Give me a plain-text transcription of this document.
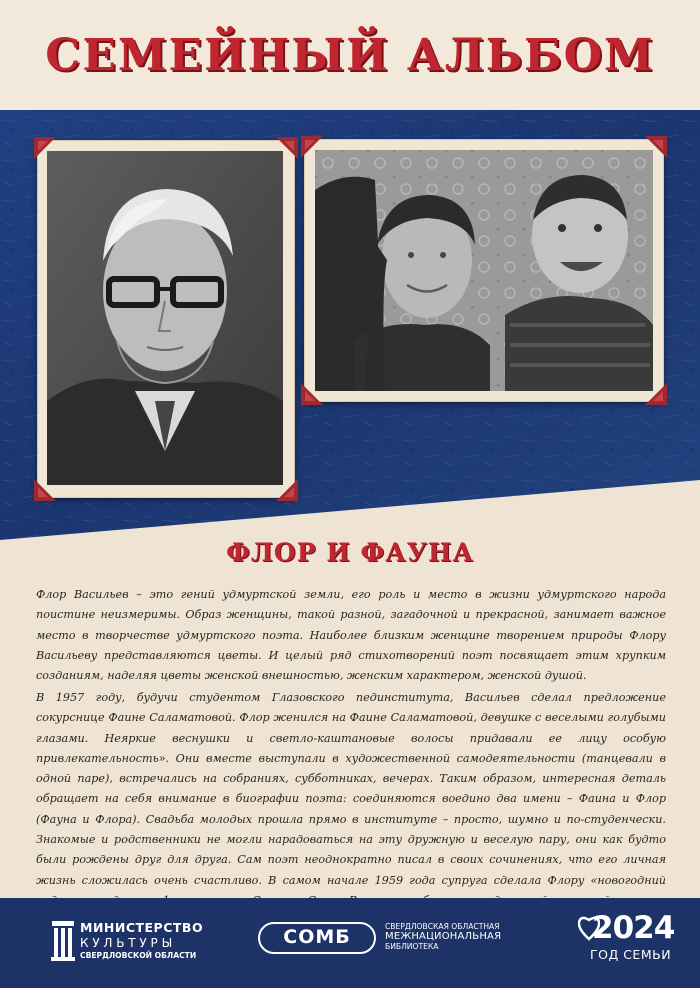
СЕМЕЙНЫЙ АЛЬБОМ
ФЛОР И ФАУНА

Флор Васильев – это гений удмуртской земли, его роль и место в жизни удмуртского народа поистине неизмеримы. Образ женщины, такой разной, загадочной и прекрасной, занимает важное место в творчестве удмуртского поэта. Наиболее близким женщине творением природы Флору Васильеву представляются цветы. И целый ряд стихотворений поэт посвящает этим хрупким созданиям, наделяя цветы женской внешностью, женским характером, женской душой.

В 1957 году, будучи студентом Глазовского пединститута, Васильев сделал предложение сокурснице Фаине Саламатовой. Флор женился на Фаине Саламатовой, девушке с веселыми голубыми глазами. Неяркие веснушки и светло-каштановые волосы придавали ее лицу особую привлекательность». Они вместе выступали в художественной самодеятельности (танцевали в одной паре), встречались на собраниях, субботниках, вечерах. Таким образом, интересная деталь обращает на себя внимание в биографии поэта: соединяются воедино два имени – Фаина и Флор (Фауна и Флора). Свадьба молодых прошла прямо в институте – просто, шумно и по-студенчески. Знакомые и родственники не могли нарадоваться на эту дружную и веселую пару, они как будто были рождены друг для друга. Сам поэт неоднократно писал в своих сочинениях, что его личная жизнь сложилась очень счастливо. В самом начале 1959 года супруга сделала Флору «новогодний

МИНИСТЕРСТВО
КУЛЬТУРЫ
СВЕРДЛОВСКОЙ ОБЛАСТИ
СОМБ	СВЕРДЛОВСКАЯ ОБЛАСТНАЯ
МЕЖНАЦИОНАЛЬНАЯ
БИБЛИОТЕКА
2024
ГОД СЕМЬИ
